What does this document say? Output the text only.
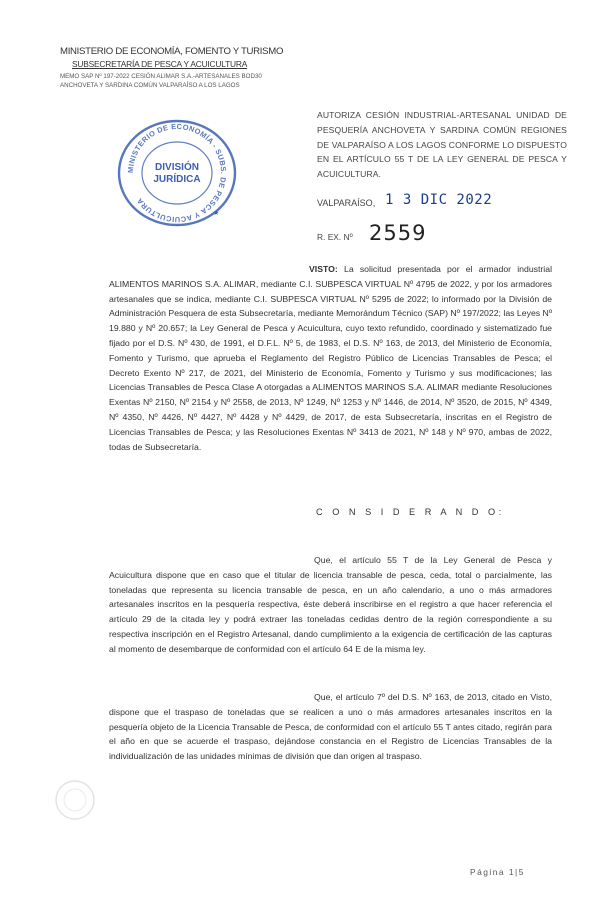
MINISTERIO DE ECONOMÍA, FOMENTO Y TURISMO
SUBSECRETARÍA DE PESCA Y ACUICULTURA
MEMO SAP Nº 197-2022 CESIÓN ALIMAR S.A.-ARTESANALES BOD30
ANCHOVETA Y SARDINA COMÚN VALPARAÍSO A LOS LAGOS
MINISTERIO DE ECONOMÍA - SUBS. DE PESCA Y ACUICULTURA
DIVISIÓN
JURÍDICA
★
AUTORIZA CESIÓN INDUSTRIAL-ARTESANAL UNIDAD DE PESQUERÍA ANCHOVETA Y SARDINA COMÚN REGIONES DE VALPARAÍSO A LOS LAGOS CONFORME LO DISPUESTO EN EL ARTÍCULO 55 T DE LA LEY GENERAL DE PESCA Y ACUICULTURA.
VALPARAÍSO, 1 3 DIC 2022
R. EX. Nº 2559
VISTO: La solicitud presentada por el armador industrial ALIMENTOS MARINOS S.A. ALIMAR, mediante C.I. SUBPESCA VIRTUAL Nº 4795 de 2022, y por los armadores artesanales que se indica, mediante C.I. SUBPESCA VIRTUAL Nº 5295 de 2022; lo informado por la División de Administración Pesquera de esta Subsecretaría, mediante Memorándum Técnico (SAP) Nº 197/2022; las Leyes Nº 19.880 y Nº 20.657; la Ley General de Pesca y Acuicultura, cuyo texto refundido, coordinado y sistematizado fue fijado por el D.S. Nº 430, de 1991, el D.F.L. Nº 5, de 1983, el D.S. Nº 163, de 2013, del Ministerio de Economía, Fomento y Turismo, que aprueba el Reglamento del Registro Público de Licencias Transables de Pesca; el Decreto Exento Nº 217, de 2021, del Ministerio de Economía, Fomento y Turismo y sus modificaciones; las Licencias Transables de Pesca Clase A otorgadas a ALIMENTOS MARINOS S.A. ALIMAR mediante Resoluciones Exentas Nº 2150, Nº 2154 y Nº 2558, de 2013, Nº 1249, Nº 1253 y Nº 1446, de 2014, Nº 3520, de 2015, Nº 4349, Nº 4350, Nº 4426, Nº 4427, Nº 4428 y Nº 4429, de 2017, de esta Subsecretaría, inscritas en el Registro de Licencias Transables de Pesca; y las Resoluciones Exentas Nº 3413 de 2021, Nº 148 y Nº 970, ambas de 2022, todas de Subsecretaría.
C O N S I D E R A N D O:
Que, el artículo 55 T de la Ley General de Pesca y Acuicultura dispone que en caso que el titular de licencia transable de pesca, ceda, total o parcialmente, las toneladas que representa su licencia transable de pesca, en un año calendario, a uno o más armadores artesanales inscritos en la pesquería respectiva, éste deberá inscribirse en el registro a que hacer referencia el artículo 29 de la citada ley y podrá extraer las toneladas cedidas dentro de la región correspondiente a su respectiva inscripción en el Registro Artesanal, dando cumplimiento a la exigencia de certificación de las capturas al momento de desembarque de conformidad con el artículo 64 E de la misma ley.
Que, el artículo 7º del D.S. Nº 163, de 2013, citado en Visto, dispone que el traspaso de toneladas que se realicen a uno o más armadores artesanales inscritos en la pesquería objeto de la Licencia Transable de Pesca, de conformidad con el artículo 55 T antes citado, regirán para el año en que se acuerde el traspaso, dejándose constancia en el Registro de Licencias Transables de la individualización de las unidades mínimas de división que dan origen al traspaso.
Página 1|5
